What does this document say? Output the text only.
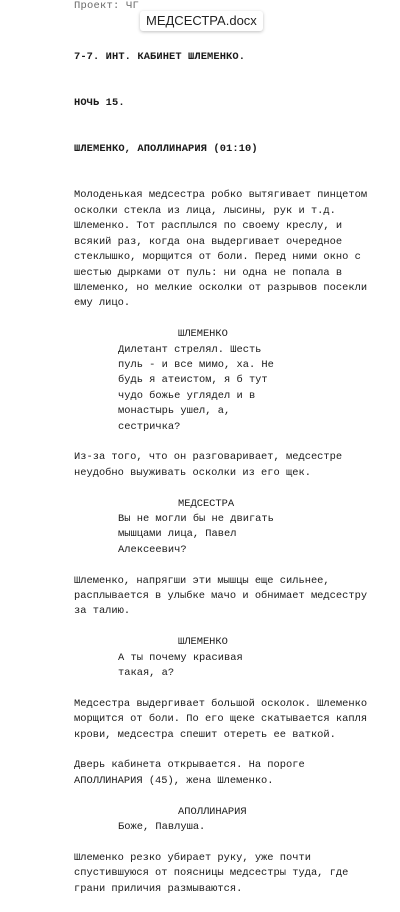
Проект: ЧГ
МЕДСЕСТРА.docx

7-7. ИНТ. КАБИНЕТ ШЛЕМЕНКО.

НОЧЬ 15.

ШЛЕМЕНКО, АПОЛЛИНАРИЯ (01:10)

Молоденькая медсестра робко вытягивает пинцетом осколки стекла из лица, лысины, рук и т.д. Шлеменко. Тот расплылся по своему креслу, и всякий раз, когда она выдергивает очередное стеклышко, морщится от боли. Перед ними окно с шестью дырками от пуль: ни одна не попала в Шлеменко, но мелкие осколки от разрывов посекли ему лицо.

ШЛЕМЕНКО

Дилетант стрелял. Шесть пуль - и все мимо, ха. Не будь я атеистом, я б тут чудо божье углядел и в монастырь ушел, а, сестричка?

Из-за того, что он разговаривает, медсестре неудобно выуживать осколки из его щек.

МЕДСЕСТРА

Вы не могли бы не двигать мышцами лица, Павел Алексеевич?

Шлеменко, напрягши эти мышцы еще сильнее, расплывается в улыбке мачо и обнимает медсестру за талию.

ШЛЕМЕНКО

А ты почему красивая такая, а?

Медсестра выдергивает большой осколок. Шлеменко морщится от боли. По его щеке скатывается капля крови, медсестра спешит отереть ее ваткой.

Дверь кабинета открывается. На пороге АПОЛЛИНАРИЯ (45), жена Шлеменко.

АПОЛЛИНАРИЯ

Боже, Павлуша.

Шлеменко резко убирает руку, уже почти спустившуюся от поясницы медсестры туда, где грани приличия размываются.
